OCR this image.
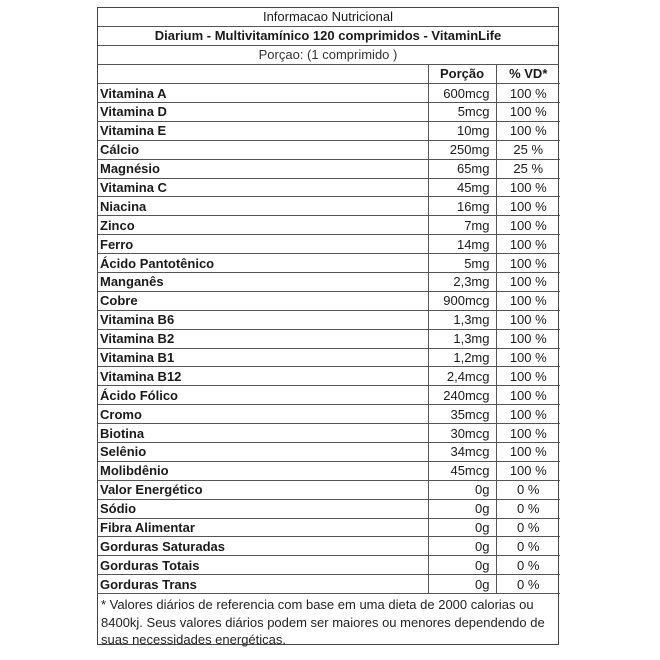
Informacao Nutricional
Diarium - Multivitamínico 120 comprimidos - VitaminLife
Porçao: (1 comprimido )
	Porção	% VD*
Vitamina A	600mcg	100 %
Vitamina D	5mcg	100 %
Vitamina E	10mg	100 %
Cálcio	250mg	25 %
Magnésio	65mg	25 %
Vitamina C	45mg	100 %
Niacina	16mg	100 %
Zinco	7mg	100 %
Ferro	14mg	100 %
Ácido Pantotênico	5mg	100 %
Manganês	2,3mg	100 %
Cobre	900mcg	100 %
Vitamina B6	1,3mg	100 %
Vitamina B2	1,3mg	100 %
Vitamina B1	1,2mg	100 %
Vitamina B12	2,4mcg	100 %
Ácido Fólico	240mcg	100 %
Cromo	35mcg	100 %
Biotina	30mcg	100 %
Selênio	34mcg	100 %
Molibdênio	45mcg	100 %
Valor Energético	0g	0 %
Sódio	0g	0 %
Fibra Alimentar	0g	0 %
Gorduras Saturadas	0g	0 %
Gorduras Totais	0g	0 %
Gorduras Trans	0g	0 %
* Valores diários de referencia com base em uma dieta de 2000 calorias ou 8400kj. Seus valores diários podem ser maiores ou menores dependendo de suas necessidades energéticas.
